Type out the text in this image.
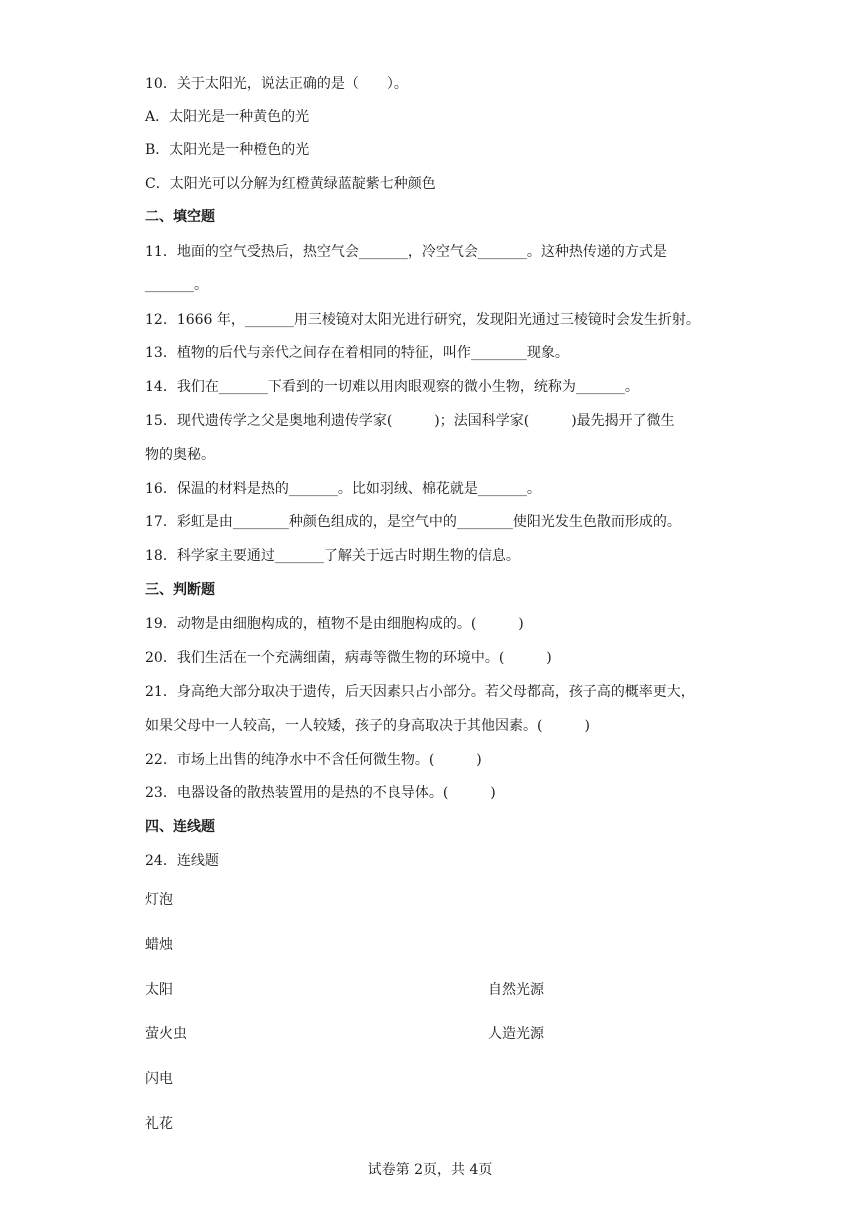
10．关于太阳光，说法正确的是（　　）。
A．太阳光是一种黄色的光
B．太阳光是一种橙色的光
C．太阳光可以分解为红橙黄绿蓝靛紫七种颜色
二、填空题
11．地面的空气受热后，热空气会_______，冷空气会_______。这种热传递的方式是
_______。
12．1666 年，_______用三棱镜对太阳光进行研究，发现阳光通过三棱镜时会发生折射。
13．植物的后代与亲代之间存在着相同的特征，叫作________现象。
14．我们在_______下看到的一切难以用肉眼观察的微小生物，统称为_______。
15．现代遗传学之父是奥地利遗传学家(　　　)；法国科学家(　　　)最先揭开了微生
物的奥秘。
16．保温的材料是热的_______。比如羽绒、棉花就是_______。
17．彩虹是由________种颜色组成的，是空气中的________使阳光发生色散而形成的。
18．科学家主要通过_______了解关于远古时期生物的信息。
三、判断题
19．动物是由细胞构成的，植物不是由细胞构成的。(　　　)
20．我们生活在一个充满细菌，病毒等微生物的环境中。(　　　)
21．身高绝大部分取决于遗传，后天因素只占小部分。若父母都高，孩子高的概率更大，
如果父母中一人较高，一人较矮，孩子的身高取决于其他因素。(　　　)
22．市场上出售的纯净水中不含任何微生物。(　　　)
23．电器设备的散热装置用的是热的不良导体。(　　　)
四、连线题
24．连线题
灯泡
蜡烛
太阳
萤火虫
闪电
礼花
自然光源
人造光源
试卷第 2页，共 4页
